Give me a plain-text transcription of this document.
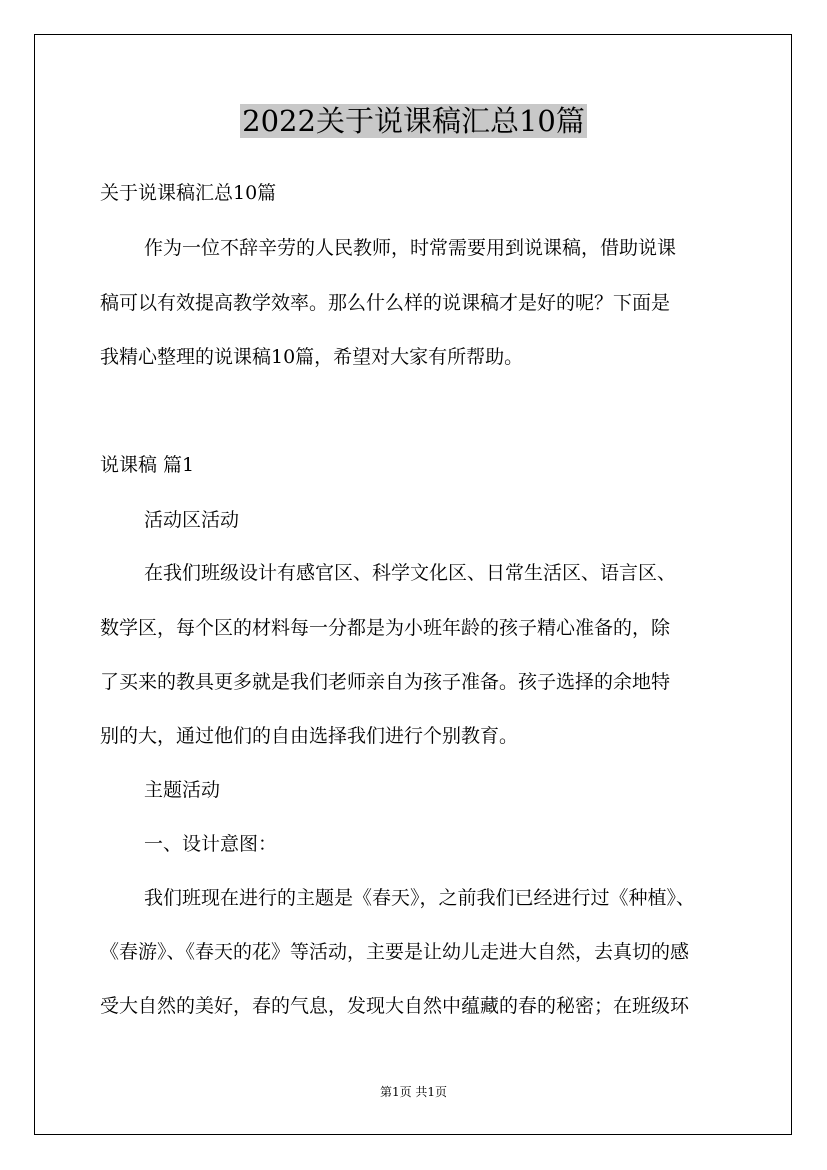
2022关于说课稿汇总10篇
关于说课稿汇总10篇
作为一位不辞辛劳的人民教师，时常需要用到说课稿，借助说课
稿可以有效提高教学效率。那么什么样的说课稿才是好的呢？下面是
我精心整理的说课稿10篇，希望对大家有所帮助。
说课稿 篇1
活动区活动
在我们班级设计有感官区、科学文化区、日常生活区、语言区、
数学区，每个区的材料每一分都是为小班年龄的孩子精心准备的，除
了买来的教具更多就是我们老师亲自为孩子准备。孩子选择的余地特
别的大，通过他们的自由选择我们进行个别教育。
主题活动
一、设计意图：
我们班现在进行的主题是《春天》，之前我们已经进行过《种植》、
《春游》、《春天的花》等活动，主要是让幼儿走进大自然，去真切的感
受大自然的美好，春的气息，发现大自然中蕴藏的春的秘密；在班级环
第1页 共1页
